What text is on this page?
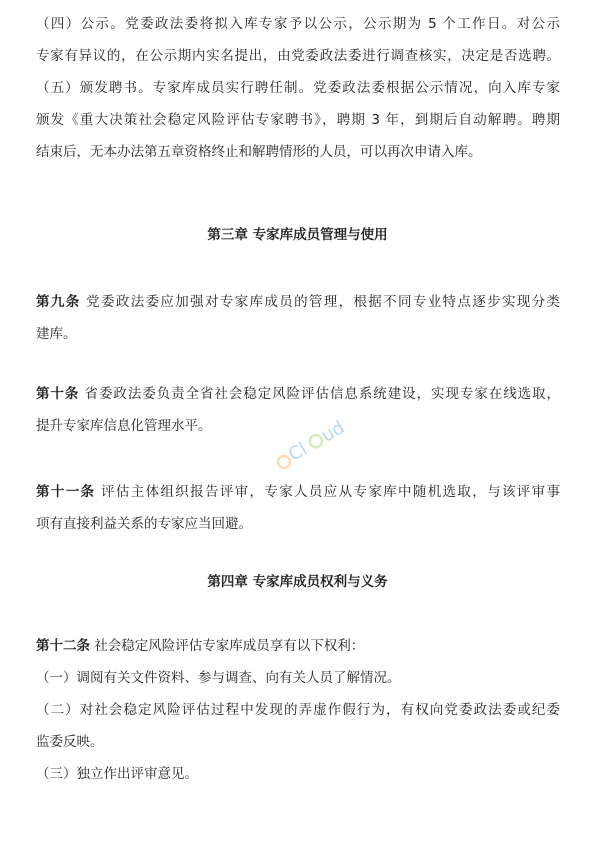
（四）公示。党委政法委将拟入库专家予以公示，公示期为 5 个工作日。对公示
专家有异议的，在公示期内实名提出，由党委政法委进行调查核实，决定是否选聘。
（五）颁发聘书。专家库成员实行聘任制。党委政法委根据公示情况，向入库专家
颁发《重大决策社会稳定风险评估专家聘书》，聘期 3 年，到期后自动解聘。聘期
结束后，无本办法第五章资格终止和解聘情形的人员，可以再次申请入库。
第三章 专家库成员管理与使用
第九条 党委政法委应加强对专家库成员的管理，根据不同专业特点逐步实现分类
建库。
第十条 省委政法委负责全省社会稳定风险评估信息系统建设，实现专家在线选取，
提升专家库信息化管理水平。
第十一条 评估主体组织报告评审，专家人员应从专家库中随机选取，与该评审事
项有直接利益关系的专家应当回避。
第四章 专家库成员权利与义务
第十二条 社会稳定风险评估专家库成员享有以下权利：
（一）调阅有关文件资料、参与调查、向有关人员了解情况。
（二）对社会稳定风险评估过程中发现的弄虚作假行为，有权向党委政法委或纪委
监委反映。
（三）独立作出评审意见。
Cl
ud
